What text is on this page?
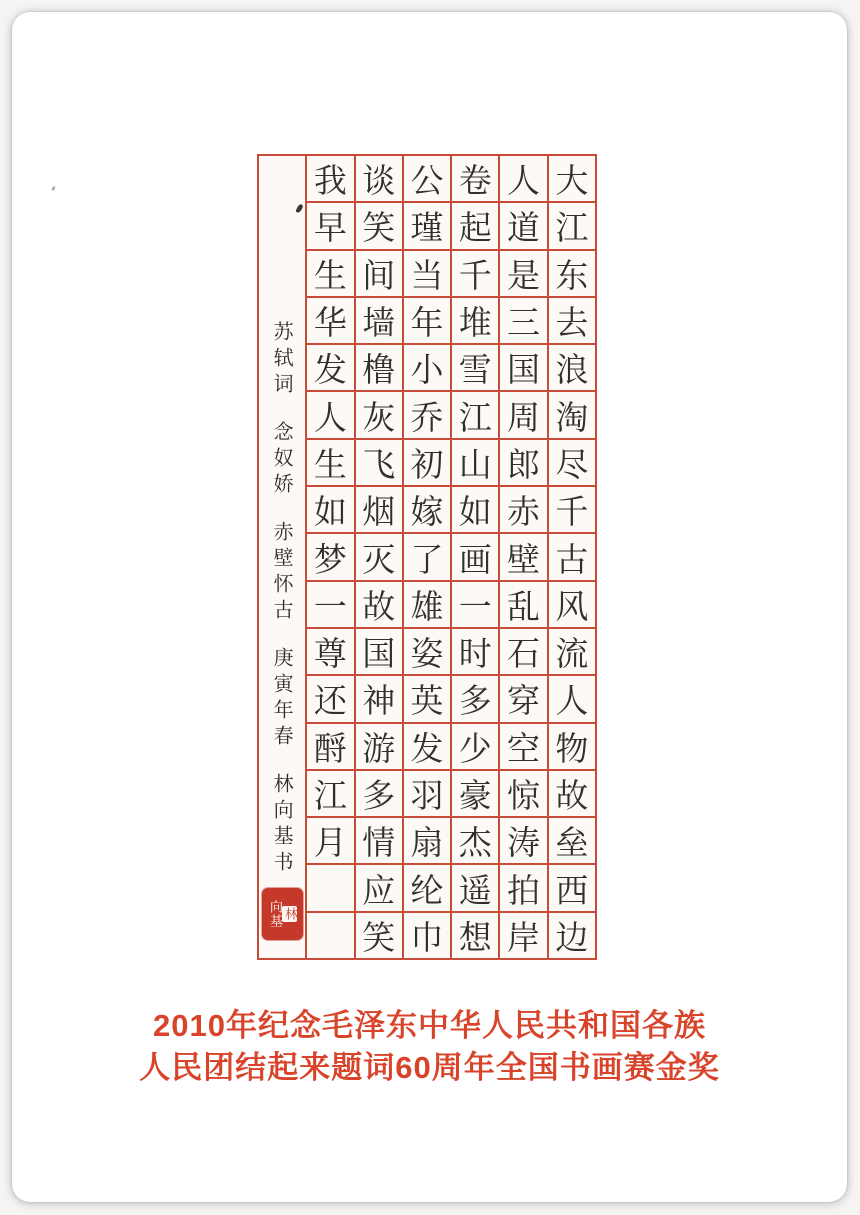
苏轼词
念奴娇
赤壁怀古
庚寅年春
林向基书
向基 林
我
早
生
华
发
人
生
如
梦
一
尊
还
酹
江
月
谈
笑
间
墙
橹
灰
飞
烟
灭
故
国
神
游
多
情
应
笑
公
瑾
当
年
小
乔
初
嫁
了
雄
姿
英
发
羽
扇
纶
巾
卷
起
千
堆
雪
江
山
如
画
一
时
多
少
豪
杰
遥
想
人
道
是
三
国
周
郎
赤
壁
乱
石
穿
空
惊
涛
拍
岸
大
江
东
去
浪
淘
尽
千
古
风
流
人
物
故
垒
西
边
2010年纪念毛泽东中华人民共和国各族
人民团结起来题词60周年全国书画赛金奖
